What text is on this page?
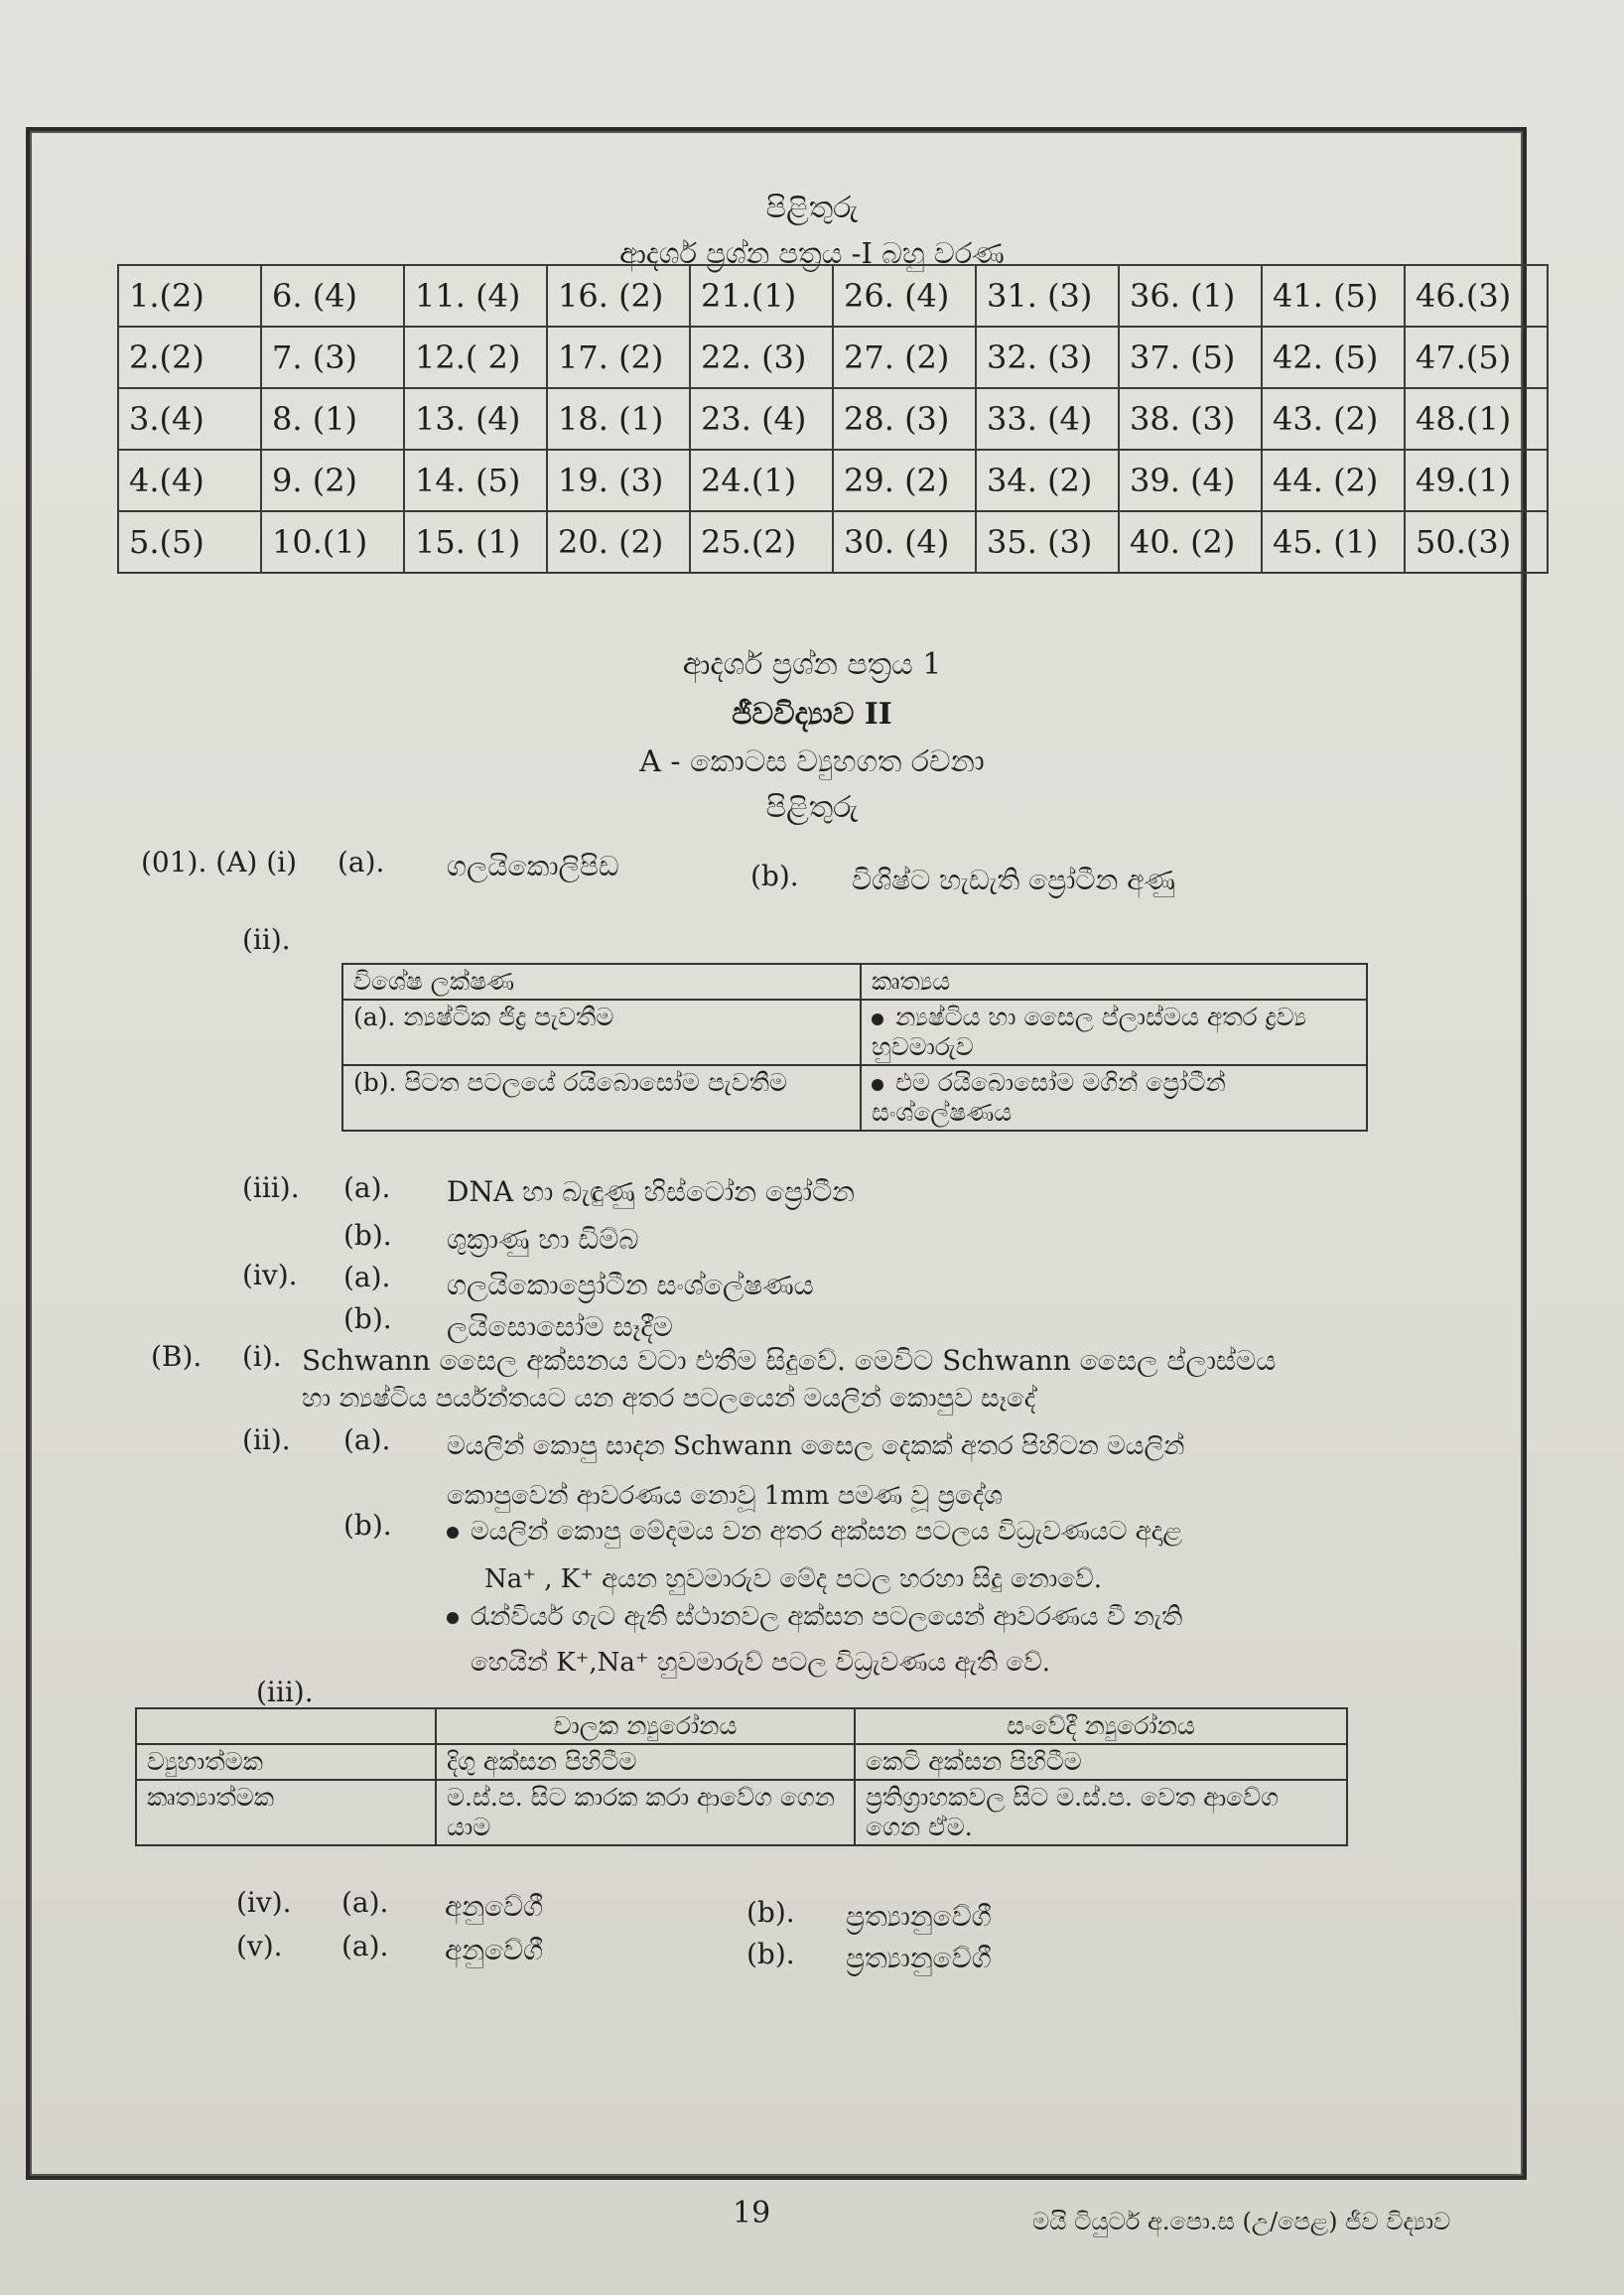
පිළිතුරු
ආදර්ශ ප්‍රශ්න පත්‍රය -I බහු වරණ
1.(2)	6. (4)	11. (4)	16. (2)	21.(1)	26. (4)	31. (3)	36. (1)	41. (5)	46.(3)
2.(2)	7. (3)	12.( 2)	17. (2)	22. (3)	27. (2)	32. (3)	37. (5)	42. (5)	47.(5)
3.(4)	8. (1)	13. (4)	18. (1)	23. (4)	28. (3)	33. (4)	38. (3)	43. (2)	48.(1)
4.(4)	9. (2)	14. (5)	19. (3)	24.(1)	29. (2)	34. (2)	39. (4)	44. (2)	49.(1)
5.(5)	10.(1)	15. (1)	20. (2)	25.(2)	30. (4)	35. (3)	40. (2)	45. (1)	50.(3)
ආදර්ශ ප්‍රශ්න පත්‍රය 1
ජීවවිද්‍යාව II
A - කොටස ව්‍යුහගත රචනා
පිළිතුරු
(01). (A) (i) (a). ගලයිකොලිපිඩ	(b). විශිෂ්ට හැඩැති ප්‍රෝටීන අණු
(ii).
විශේෂ ලක්ෂණ	කෘත්‍යය
(a). න්‍යෂ්ටික ජිද්‍ර පැවතීම	න්‍යෂ්ටිය හා සෛල ප්ලාස්මය අතර ද්‍රව්‍ය හුවමාරුව
(b). පිටත පටලයේ රයිබොසෝම පැවතීම	එම රයිබොසෝම මගින් ප්‍රෝටීන් සංශ්ලේෂණය
(iii). (a). DNA හා බැඳුණු හිස්ටෝන ප්‍රෝටීන
(b). ශුක්‍රාණු හා ඩිම්බ
(iv). (a). ගලයිකොප්‍රෝටීන සංශ්ලේෂණය
(b). ලයිසොසෝම සෑදීම
(B). (i). Schwann සෛල අක්සනය වටා එතීම සිදුවේ. මෙවිට Schwann සෛල ප්ලාස්මය
හා න්‍යෂ්ටිය පර්යන්තයට යන අතර පටලයෙන් මයලින් කොපුව සෑදේ
(ii). (a). මයලින් කොපු සාදන Schwann සෛල දෙකක් අතර පිහිටන මයලින්
කොපුවෙන් ආවරණය නොවූ 1mm පමණ වූ ප්‍රදේශ
(b).	මයලින් කොපු මේදමය වන අතර අක්සන පටලය විධ්‍රැවණයට අදාළ
Na⁺ , K⁺ අයන හුවමාරුව මේද පටල හරහා සිදු නොවේ.
රැන්වියර් ගැට ඇති ස්ථානවල අක්සන පටලයෙන් ආවරණය වී නැති
හෙයින් K⁺,Na⁺ හුවමාරුව් පටල විධ්‍රැවණය ඇති වේ.
(iii).
	චාලක න්‍යුරෝනය	සංවේදී න්‍යුරෝනය
ව්‍යුහාත්මක	දිගු අක්සන පිහිටීම	කෙටි අක්සන පිහිටීම
කෘත්‍යාත්මක	ම.ස්.ප. සිට කාරක කරා ආවේග ගෙන යාම	ප්‍රතිග්‍රාහකවල සිට ම.ස්.ප. වෙත ආවේග ගෙන ඒම.
(iv). (a). අනුවේගී	(b). ප්‍රත්‍යානුවේගී
(v). (a). අනුවේගී	(b). ප්‍රත්‍යානුවේගී
19	මයි ටියුටර් අ.පො.ස (උ/පෙළ) ජීව විද්‍යාව
